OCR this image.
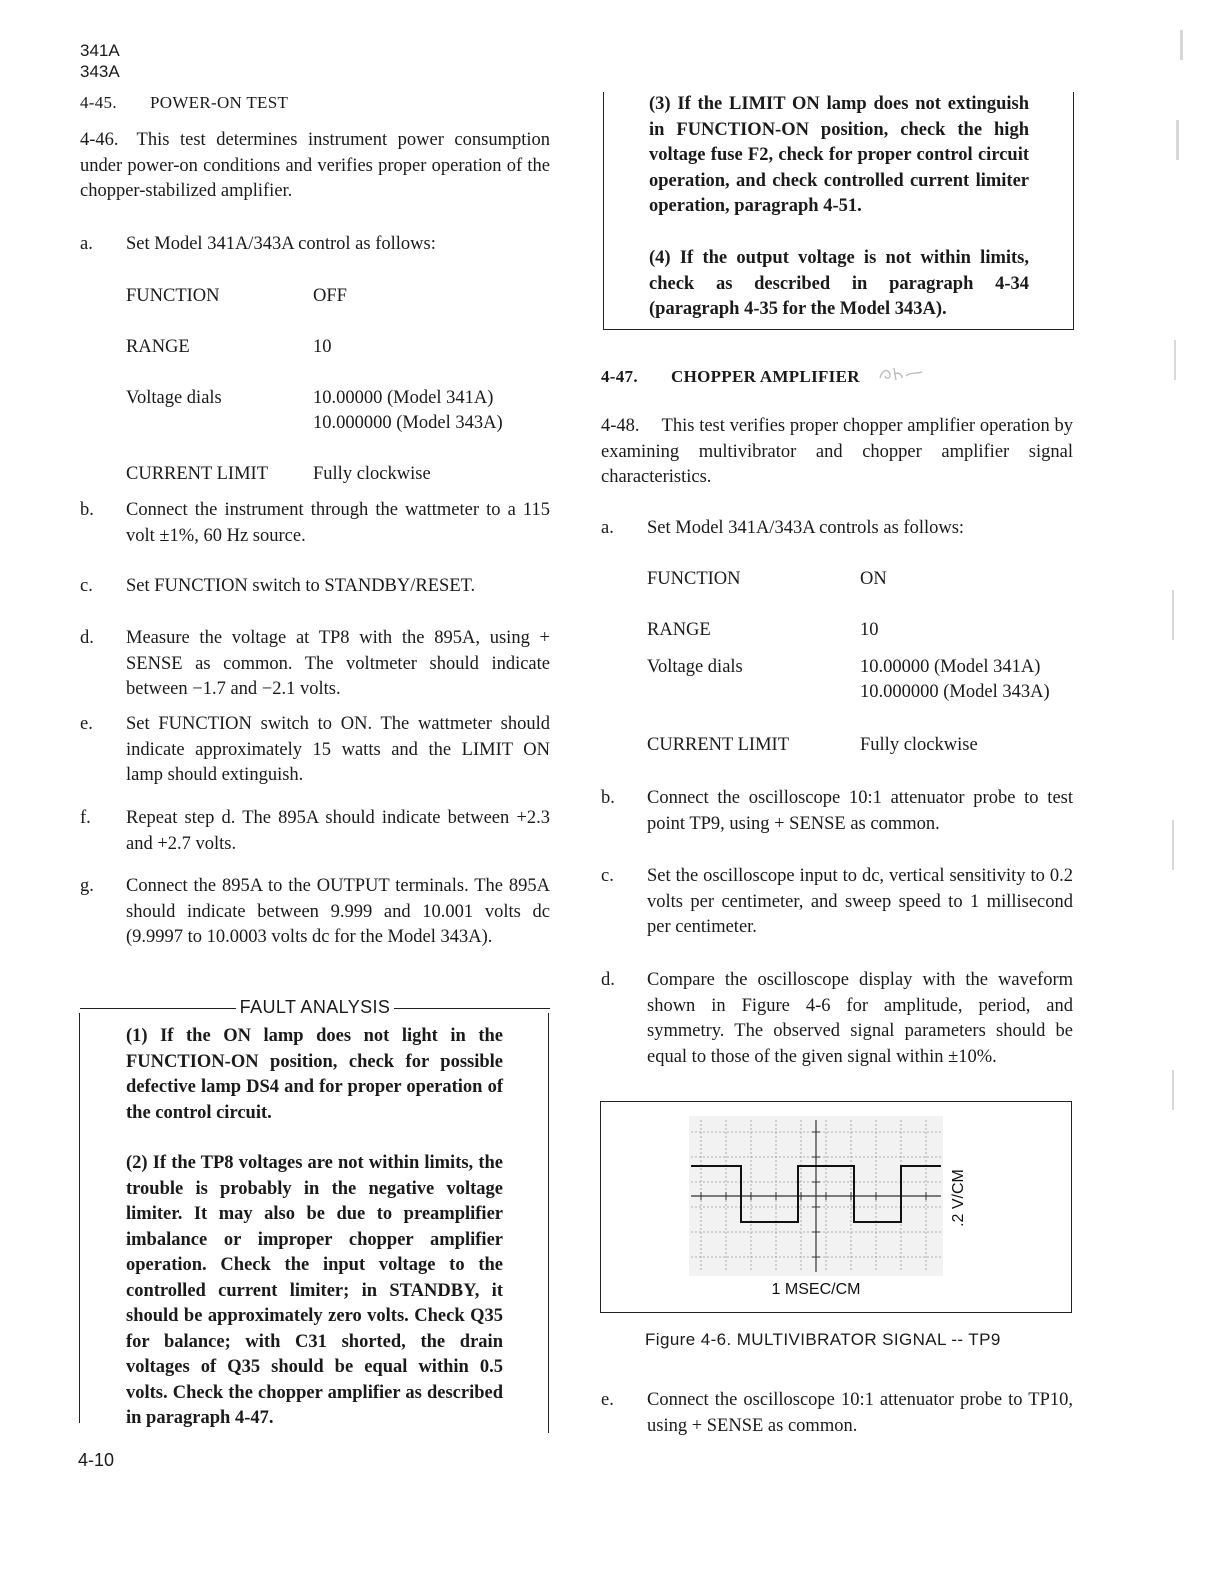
341A
343A
4-45. POWER-ON TEST
4-46. This test determines instrument power consumption under power-on conditions and verifies proper operation of the chopper-stabilized amplifier.
a. Set Model 341A/343A control as follows:
FUNCTION	OFF
RANGE	10
Voltage dials	10.00000 (Model 341A)
10.000000 (Model 343A)
CURRENT LIMIT Fully clockwise
b. Connect the instrument through the wattmeter to a 115 volt ±1%, 60 Hz source.
c. Set FUNCTION switch to STANDBY/RESET.
d. Measure the voltage at TP8 with the 895A, using + SENSE as common. The voltmeter should indicate between −1.7 and −2.1 volts.
e. Set FUNCTION switch to ON. The wattmeter should indicate approximately 15 watts and the LIMIT ON lamp should extinguish.
f. Repeat step d. The 895A should indicate between +2.3 and +2.7 volts.
g. Connect the 895A to the OUTPUT terminals. The 895A should indicate between 9.999 and 10.001 volts dc (9.9997 to 10.0003 volts dc for the Model 343A).
FAULT ANALYSIS
(1) If the ON lamp does not light in the FUNCTION-ON position, check for possible defective lamp DS4 and for proper operation of the control circuit.
(2) If the TP8 voltages are not within limits, the trouble is probably in the negative voltage limiter. It may also be due to preamplifier imbalance or improper chopper amplifier operation. Check the input voltage to the controlled current limiter; in STANDBY, it should be approximately zero volts. Check Q35 for balance; with C31 shorted, the drain voltages of Q35 should be equal within 0.5 volts. Check the chopper amplifier as described in paragraph 4-47.
4-10
(3) If the LIMIT ON lamp does not extinguish in FUNCTION-ON position, check the high voltage fuse F2, check for proper control circuit operation, and check controlled current limiter operation, paragraph 4-51.
(4) If the output voltage is not within limits, check as described in paragraph 4-34 (paragraph 4-35 for the Model 343A).
4-47. CHOPPER AMPLIFIER
4-48. This test verifies proper chopper amplifier operation by examining multivibrator and chopper amplifier signal characteristics.
a. Set Model 341A/343A controls as follows:
FUNCTION	ON
RANGE	10
Voltage dials	10.00000 (Model 341A)
10.000000 (Model 343A)
CURRENT LIMIT	Fully clockwise
b. Connect the oscilloscope 10:1 attenuator probe to test point TP9, using + SENSE as common.
c. Set the oscilloscope input to dc, vertical sensitivity to 0.2 volts per centimeter, and sweep speed to 1 millisecond per centimeter.
d. Compare the oscilloscope display with the waveform shown in Figure 4-6 for amplitude, period, and symmetry. The observed signal parameters should be equal to those of the given signal within ±10%.
1 MSEC/CM
.2 V/CM
Figure 4-6. MULTIVIBRATOR SIGNAL -- TP9
e. Connect the oscilloscope 10:1 attenuator probe to TP10, using + SENSE as common.
